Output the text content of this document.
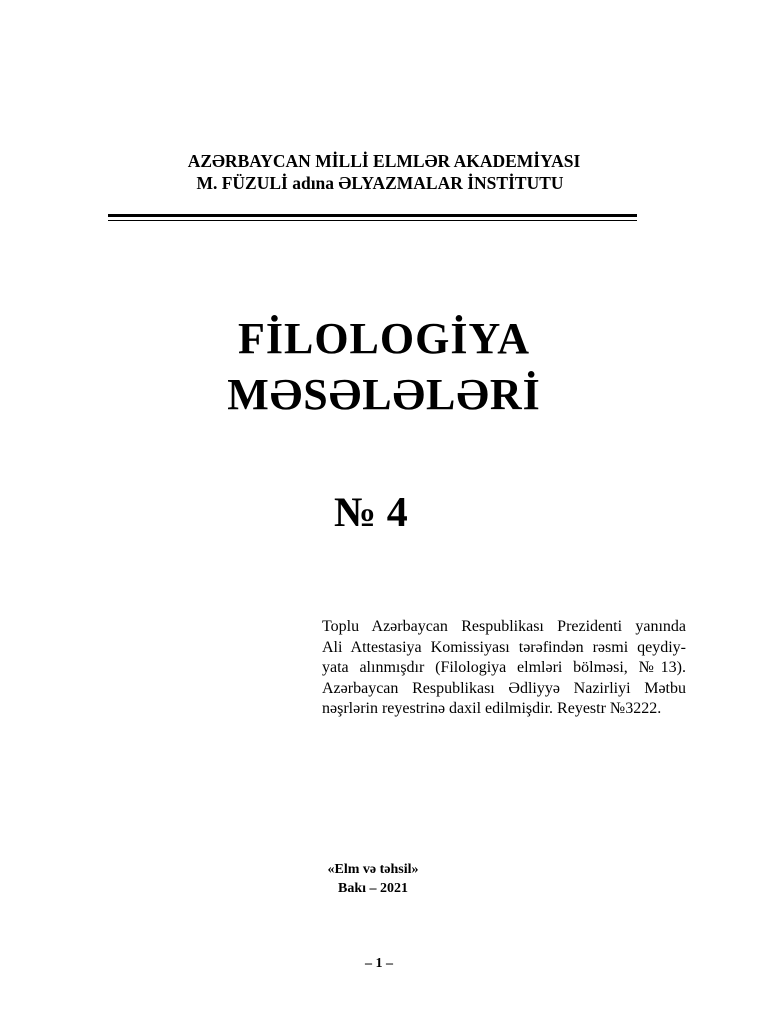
AZƏRBAYCAN MİLLİ ELMLƏR AKADEMİYASI
M. FÜZULİ adına ƏLYAZMALAR İNSTİTUTU
FİLOLOGİYA
MƏSƏLƏLƏRİ
№ 4
Toplu Azərbaycan Respublikası Prezidenti yanında
Ali Attestasiya Komissiyası tərəfindən rəsmi qeydiy-
yata alınmışdır (Filologiya elmləri bölməsi, №13).
Azərbaycan Respublikası Ədliyyə Nazirliyi Mətbu
nəşrlərin reyestrinə daxil edilmişdir. Reyestr №3222.
«Elm və təhsil»
Bakı – 2021
– 1 –
